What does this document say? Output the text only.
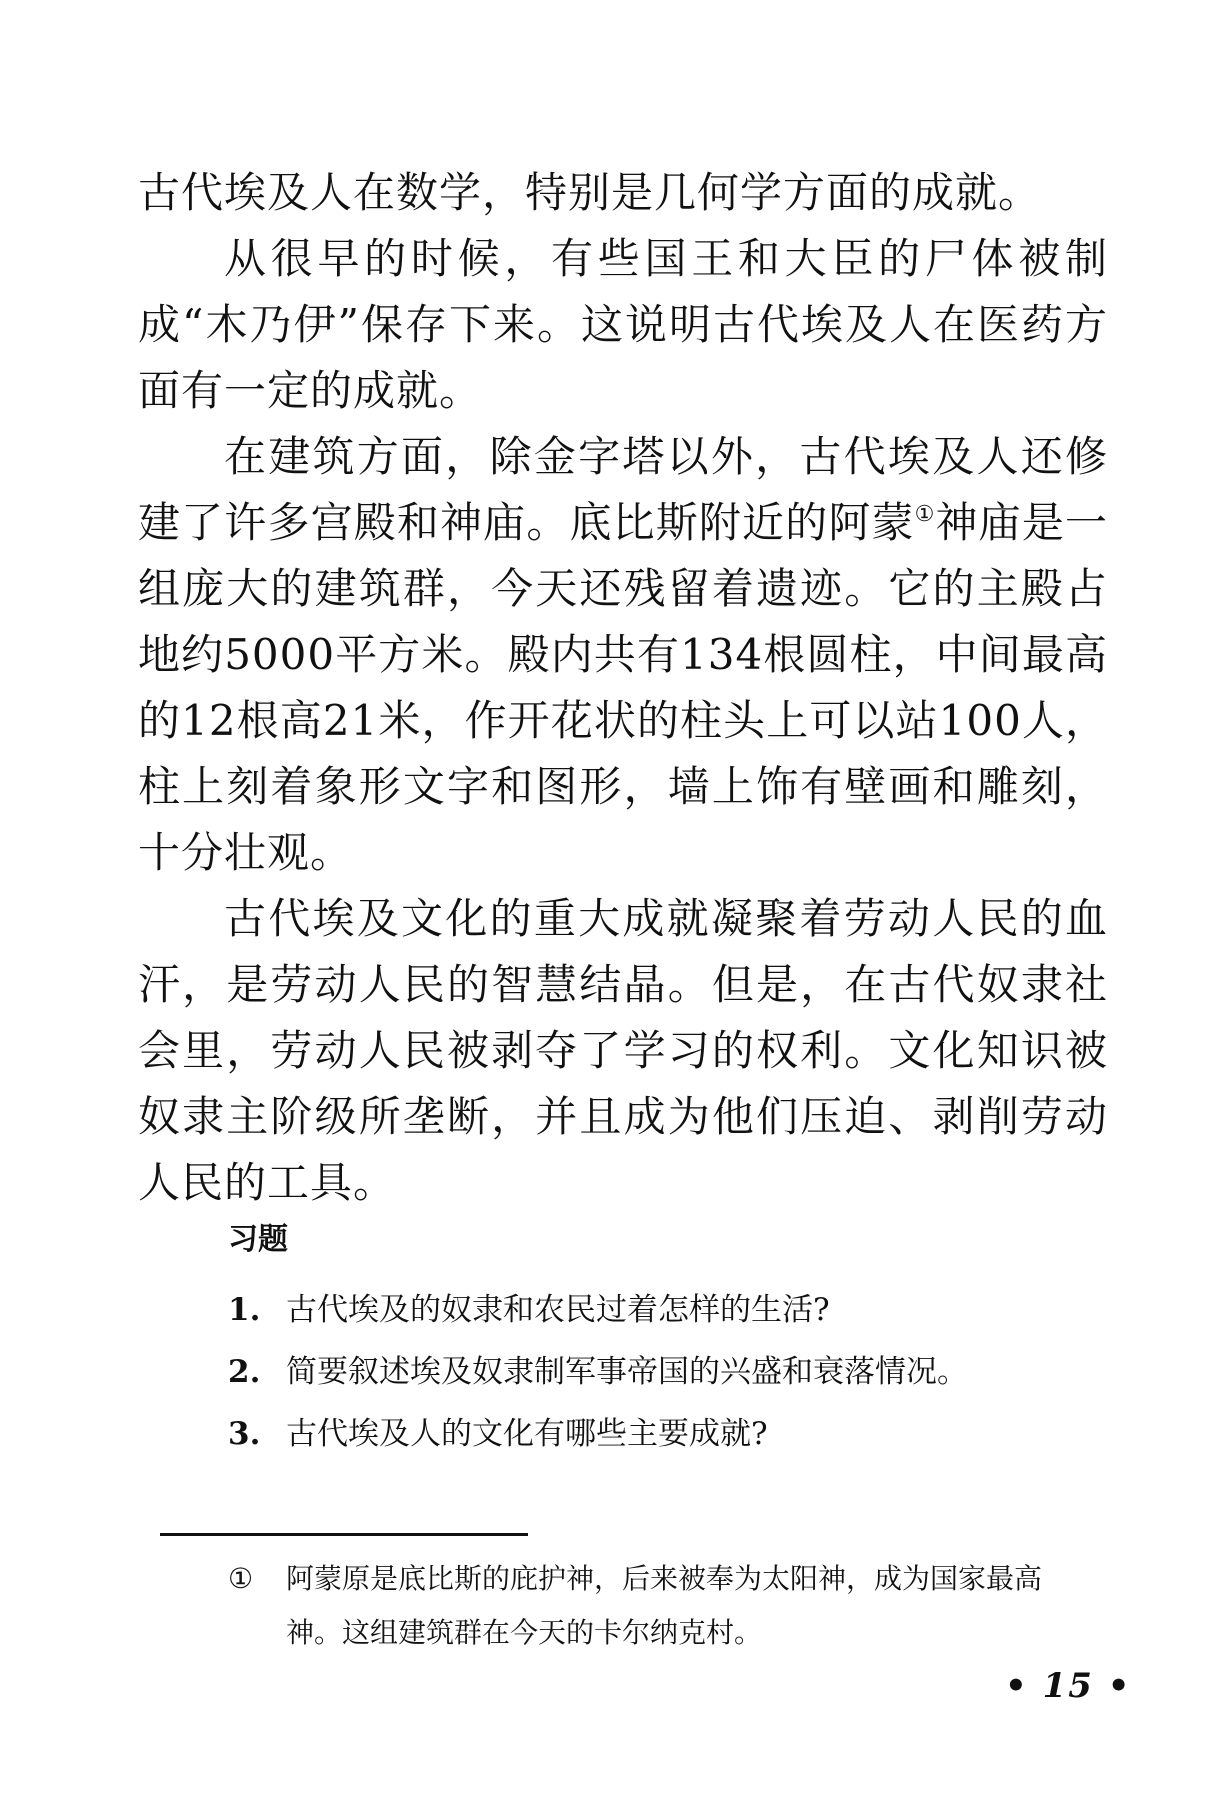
古代埃及人在数学，特别是几何学方面的成就。

从很早的时候，有些国王和大臣的尸体被制成“木乃伊”保存下来。这说明古代埃及人在医药方面有一定的成就。

在建筑方面，除金字塔以外，古代埃及人还修建了许多宫殿和神庙。底比斯附近的阿蒙①神庙是一组庞大的建筑群，今天还残留着遗迹。它的主殿占地约5000平方米。殿内共有134根圆柱，中间最高的12根高21米，作开花状的柱头上可以站100人，柱上刻着象形文字和图形，墙上饰有壁画和雕刻，十分壮观。

古代埃及文化的重大成就凝聚着劳动人民的血汗，是劳动人民的智慧结晶。但是，在古代奴隶社会里，劳动人民被剥夺了学习的权利。文化知识被奴隶主阶级所垄断，并且成为他们压迫、剥削劳动人民的工具。

习题
1. 古代埃及的奴隶和农民过着怎样的生活?
2. 简要叙述埃及奴隶制军事帝国的兴盛和衰落情况。
3. 古代埃及人的文化有哪些主要成就?
① 阿蒙原是底比斯的庇护神，后来被奉为太阳神，成为国家最高
神。这组建筑群在今天的卡尔纳克村。
• 15 •
